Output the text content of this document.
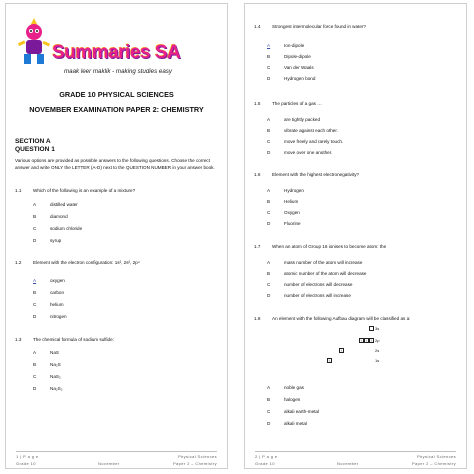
Summaries SA
maak leer maklik - making studies easy
GRADE 10 PHYSICAL SCIENCES
NOVEMBER EXAMINATION PAPER 2: CHEMISTRY
SECTION A
QUESTION 1
Various options are provided as possible answers to the following questions. Choose the correct answer and write ONLY the LETTER (A-D) next to the QUESTION NUMBER in your answer book.
1.1	Which of the following is an example of a mixture?
A	distilled water
B	diamond
C	sodium chloride
D	syrup
1.2	Element with the electron configuration: 1s², 2s², 2p⁴
A	oxygen
B	carbon
C	helium
D	nitrogen
1.3	The chemical formula of sodium sulfide:
A	NaS
B	Na₂S
C	NaS₂
D	Na₂S₂
1 | P a g e
Grade 10	November
Physical Sciences
Paper 2 – Chemistry
1.4	Strongest intermolecular force found in water?
A	Ion-dipole
B	Dipole-dipole
C	Van der Waals
D	Hydrogen bond
1.5	The particles of a gas …
A	are tightly packed
B	vibrate against each other.
C	move freely and rarely touch.
D	move over one another.
1.6	Element with the highest electronegativity?
A	Hydrogen
B	Helium
C	Oxygen
D	Fluorine
1.7	When an atom of Group 16 ionises to become atom: the
A	mass number of the atom will increase
B	atomic number of the atom will decrease
C	number of electrons will decrease
D	number of electrons will increase
1.8	An element with the following Aufbau diagram will be classified as a:
3s
↑↓ ↑↓ ↑↓ 2p
↑↓	2s
↑↓	1s
A	noble gas
B	halogen
C	alkali earth-metal
D	alkali metal
2 | P a g e
Grade 10	November
Physical Sciences
Paper 2 – Chemistry
